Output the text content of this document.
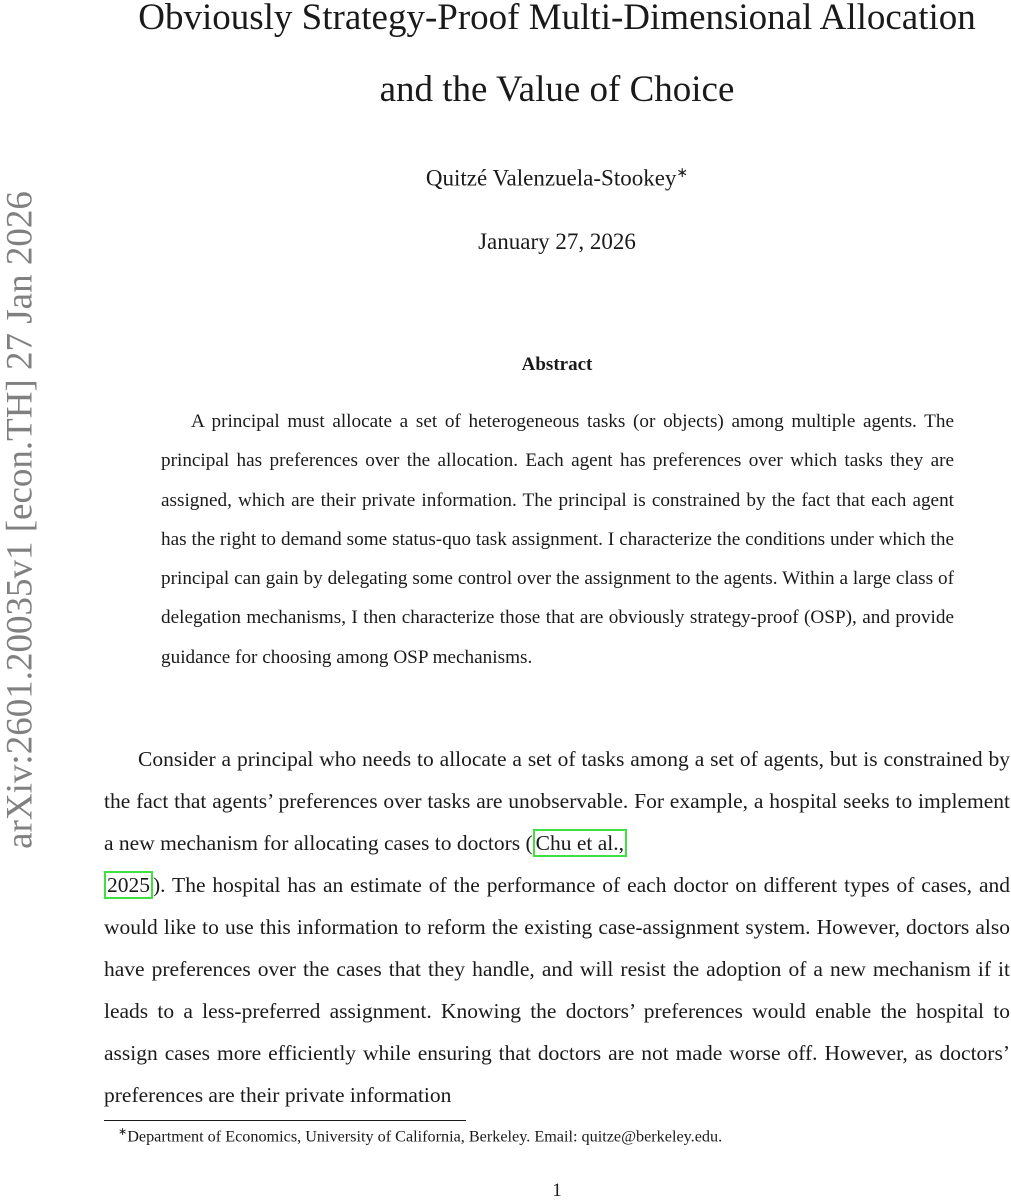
arXiv:2601.20035v1 [econ.TH] 27 Jan 2026
Obviously Strategy-Proof Multi-Dimensional Allocation
and the Value of Choice
Quitzé Valenzuela-Stookey∗
January 27, 2026
Abstract

A principal must allocate a set of heterogeneous tasks (or objects) among multiple agents. The principal has preferences over the allocation. Each agent has preferences over which tasks they are assigned, which are their private information. The principal is constrained by the fact that each agent has the right to demand some status-quo task assignment. I characterize the conditions under which the principal can gain by delegating some control over the assignment to the agents. Within a large class of delegation mechanisms, I then characterize those that are obviously strategy-proof (OSP), and provide guidance for choosing among OSP mechanisms.

Consider a principal who needs to allocate a set of tasks among a set of agents, but is constrained by the fact that agents’ preferences over tasks are unobservable. For example, a hospital seeks to implement a new mechanism for allocating cases to doctors ( Chu et al.,
2025 ). The hospital has an estimate of the performance of each doctor on different types of cases, and would like to use this information to reform the existing case-assignment system. However, doctors also have preferences over the cases that they handle, and will resist the adoption of a new mechanism if it leads to a less-preferred assignment. Knowing the doctors’ preferences would enable the hospital to assign cases more efficiently while ensuring that doctors are not made worse off. However, as doctors’ preferences are their private information

∗Department of Economics, University of California, Berkeley. Email: quitze@berkeley.edu.
1
